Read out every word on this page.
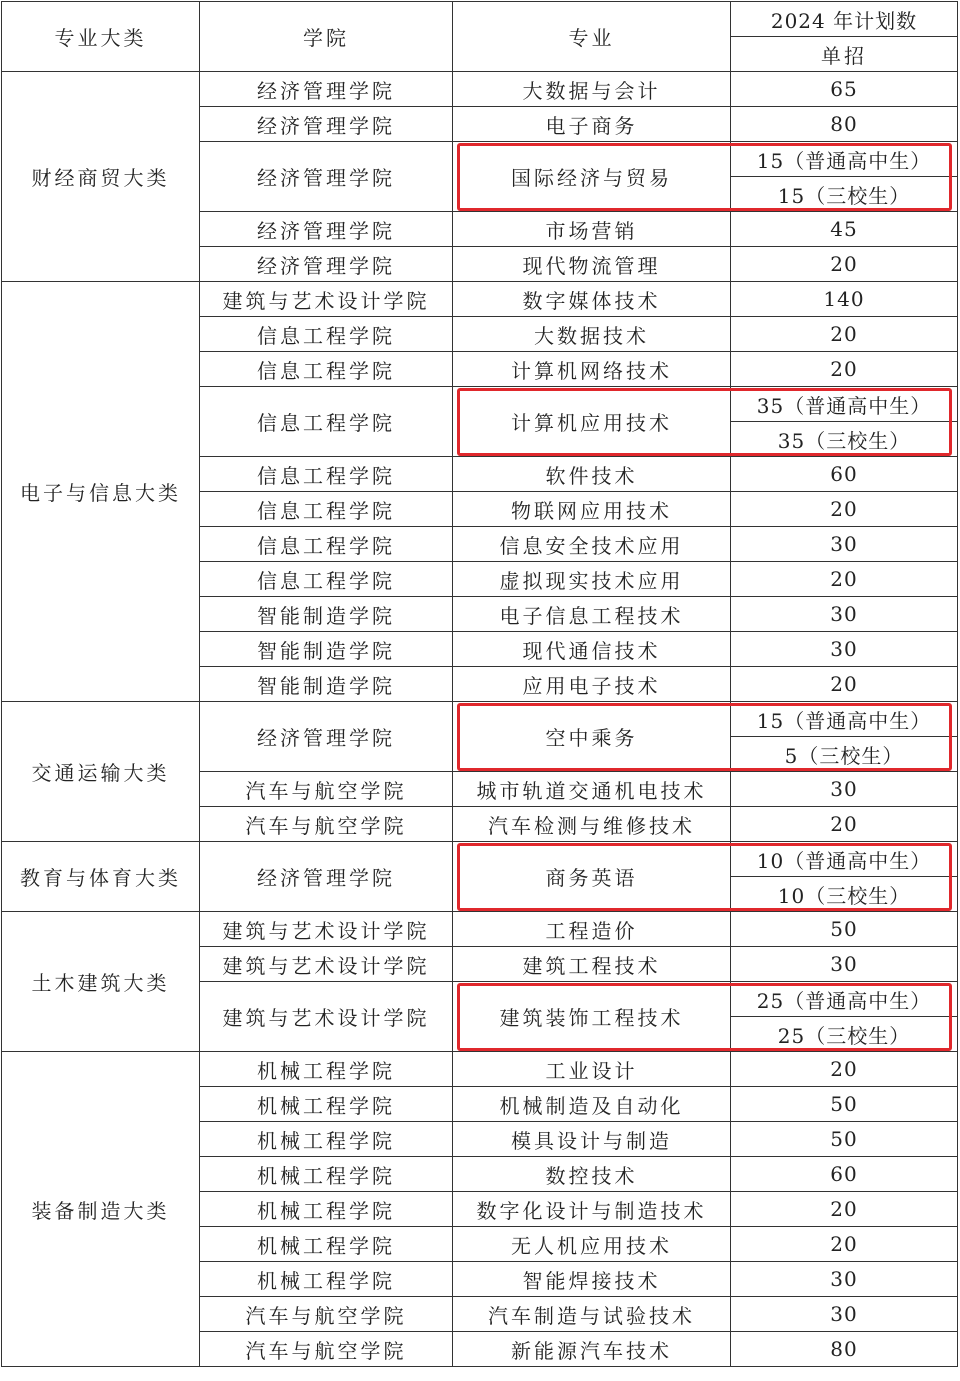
专业大类	学院	专业	2024 年计划数
			单招
财经商贸大类	经济管理学院	大数据与会计	65
	经济管理学院	电子商务	80
	经济管理学院	国际经济与贸易	15（普通高中生）
			15（三校生）
	经济管理学院	市场营销	45
	经济管理学院	现代物流管理	20
电子与信息大类	建筑与艺术设计学院	数字媒体技术	140
	信息工程学院	大数据技术	20
	信息工程学院	计算机网络技术	20
	信息工程学院	计算机应用技术	35（普通高中生）
			35（三校生）
	信息工程学院	软件技术	60
	信息工程学院	物联网应用技术	20
	信息工程学院	信息安全技术应用	30
	信息工程学院	虚拟现实技术应用	20
	智能制造学院	电子信息工程技术	30
	智能制造学院	现代通信技术	30
	智能制造学院	应用电子技术	20
交通运输大类	经济管理学院	空中乘务	15（普通高中生）
			5（三校生）
	汽车与航空学院	城市轨道交通机电技术	30
	汽车与航空学院	汽车检测与维修技术	20
教育与体育大类	经济管理学院	商务英语	10（普通高中生）
			10（三校生）
土木建筑大类	建筑与艺术设计学院	工程造价	50
	建筑与艺术设计学院	建筑工程技术	30
	建筑与艺术设计学院	建筑装饰工程技术	25（普通高中生）
			25（三校生）
装备制造大类	机械工程学院	工业设计	20
	机械工程学院	机械制造及自动化	50
	机械工程学院	模具设计与制造	50
	机械工程学院	数控技术	60
	机械工程学院	数字化设计与制造技术	20
	机械工程学院	无人机应用技术	20
	机械工程学院	智能焊接技术	30
	汽车与航空学院	汽车制造与试验技术	30
	汽车与航空学院	新能源汽车技术	80
